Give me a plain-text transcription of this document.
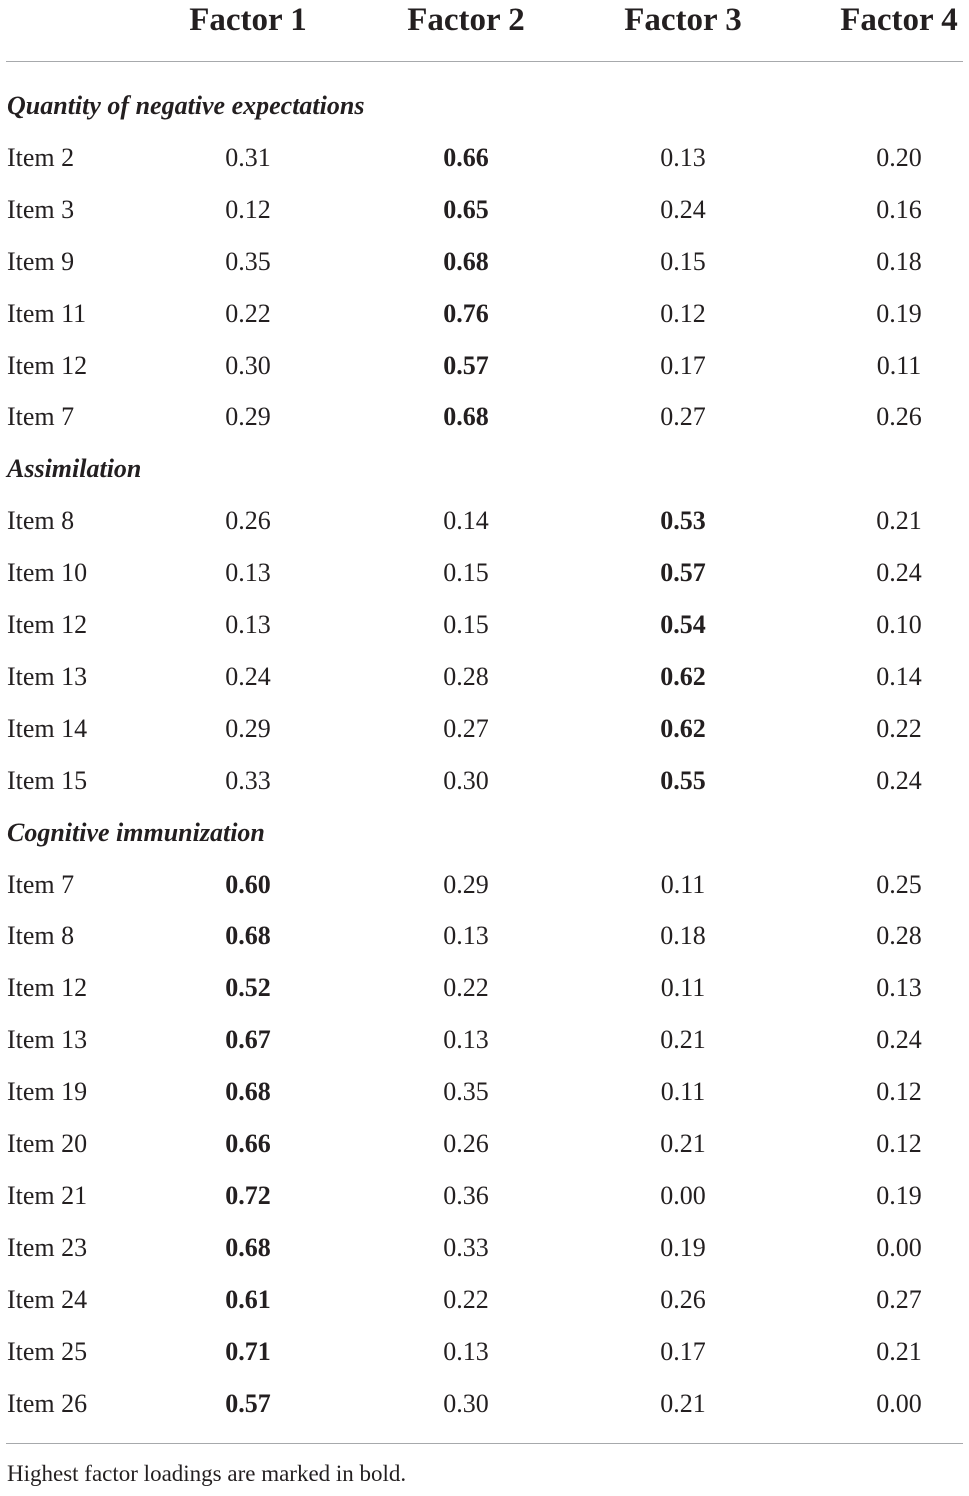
Factor 1	Factor 2	Factor 3	Factor 4
Quantity of negative expectations
Item 2	0.31	0.66	0.13	0.20
Item 3	0.12	0.65	0.24	0.16
Item 9	0.35	0.68	0.15	0.18
Item 11	0.22	0.76	0.12	0.19
Item 12	0.30	0.57	0.17	0.11
Item 7	0.29	0.68	0.27	0.26
Assimilation
Item 8	0.26	0.14	0.53	0.21
Item 10	0.13	0.15	0.57	0.24
Item 12	0.13	0.15	0.54	0.10
Item 13	0.24	0.28	0.62	0.14
Item 14	0.29	0.27	0.62	0.22
Item 15	0.33	0.30	0.55	0.24
Cognitive immunization
Item 7	0.60	0.29	0.11	0.25
Item 8	0.68	0.13	0.18	0.28
Item 12	0.52	0.22	0.11	0.13
Item 13	0.67	0.13	0.21	0.24
Item 19	0.68	0.35	0.11	0.12
Item 20	0.66	0.26	0.21	0.12
Item 21	0.72	0.36	0.00	0.19
Item 23	0.68	0.33	0.19	0.00
Item 24	0.61	0.22	0.26	0.27
Item 25	0.71	0.13	0.17	0.21
Item 26	0.57	0.30	0.21	0.00
Highest factor loadings are marked in bold.
